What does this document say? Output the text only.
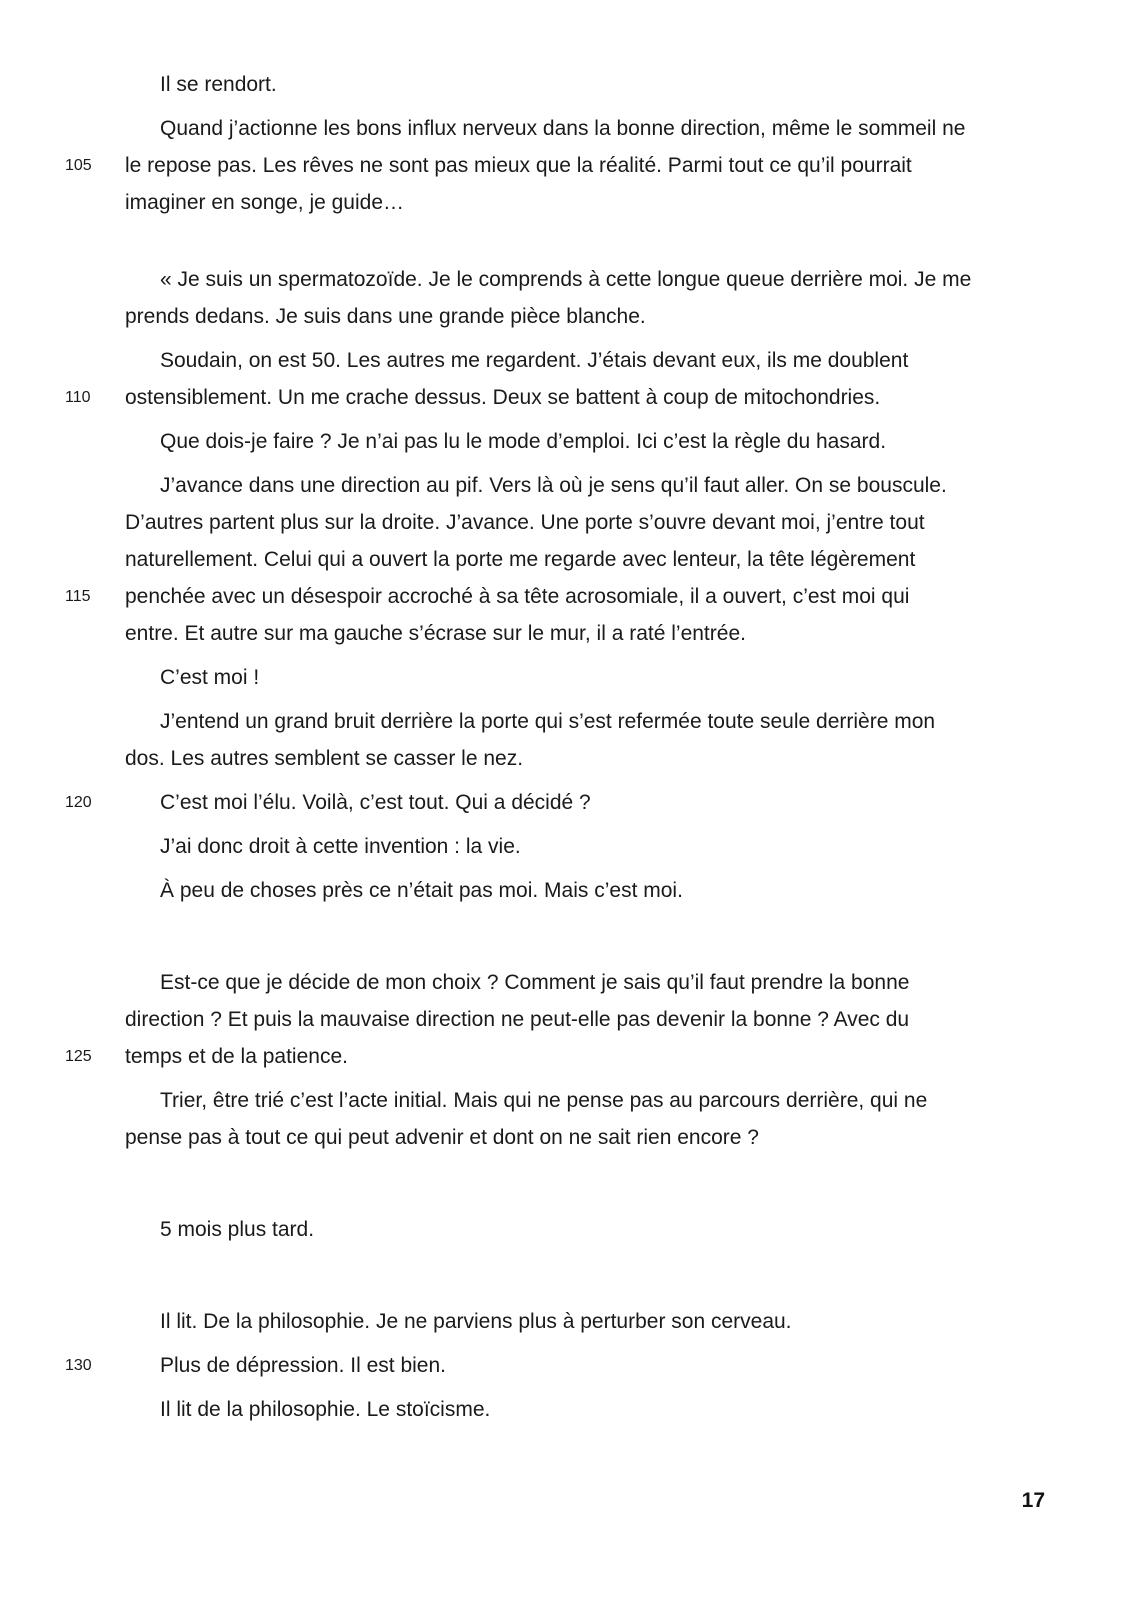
Il se rendort.
Quand j’actionne les bons influx nerveux dans la bonne direction, même le sommeil ne
105	le repose pas. Les rêves ne sont pas mieux que la réalité. Parmi tout ce qu’il pourrait
imaginer en songe, je guide…
« Je suis un spermatozoïde. Je le comprends à cette longue queue derrière moi. Je me
prends dedans. Je suis dans une grande pièce blanche.
Soudain, on est 50. Les autres me regardent. J’étais devant eux, ils me doublent
110	ostensiblement. Un me crache dessus. Deux se battent à coup de mitochondries.
Que dois-je faire ? Je n’ai pas lu le mode d’emploi. Ici c’est la règle du hasard.
J’avance dans une direction au pif. Vers là où je sens qu’il faut aller. On se bouscule.
D’autres partent plus sur la droite. J’avance. Une porte s’ouvre devant moi, j’entre tout
naturellement. Celui qui a ouvert la porte me regarde avec lenteur, la tête légèrement
115	penchée avec un désespoir accroché à sa tête acrosomiale, il a ouvert, c’est moi qui
entre. Et autre sur ma gauche s’écrase sur le mur, il a raté l’entrée.
C’est moi !
J’entend un grand bruit derrière la porte qui s’est refermée toute seule derrière mon
dos. Les autres semblent se casser le nez.
120	C’est moi l’élu. Voilà, c’est tout. Qui a décidé ?
J’ai donc droit à cette invention : la vie.
À peu de choses près ce n’était pas moi. Mais c’est moi.
Est-ce que je décide de mon choix ? Comment je sais qu’il faut prendre la bonne
direction ? Et puis la mauvaise direction ne peut-elle pas devenir la bonne ? Avec du
125	temps et de la patience.
Trier, être trié c’est l’acte initial. Mais qui ne pense pas au parcours derrière, qui ne
pense pas à tout ce qui peut advenir et dont on ne sait rien encore ?
5 mois plus tard.
Il lit. De la philosophie. Je ne parviens plus à perturber son cerveau.
130	Plus de dépression. Il est bien.
Il lit de la philosophie. Le stoïcisme.
17
